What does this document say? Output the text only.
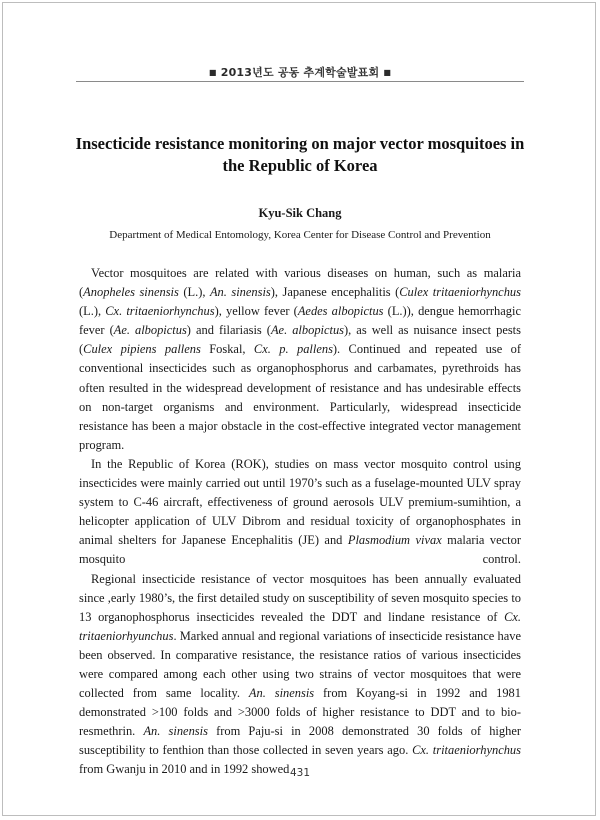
■ 2013년도 공동 추계학술발표회 ■
Insecticide resistance monitoring on major vector mosquitoes in
the Republic of Korea
Kyu-Sik Chang
Department of Medical Entomology, Korea Center for Disease Control and Prevention

Vector mosquitoes are related with various diseases on human, such as malaria (Anopheles sinensis (L.), An. sinensis), Japanese encephalitis (Culex tritaeniorhynchus (L.), Cx. tritaeniorhynchus), yellow fever (Aedes albopictus (L.)), dengue hemorrhagic fever (Ae. albopictus) and filariasis (Ae. albopictus), as well as nuisance insect pests (Culex pipiens pallens Foskal, Cx. p. pallens). Continued and repeated use of conventional insecticides such as organophosphorus and carbamates, pyrethroids has often resulted in the widespread development of resistance and has undesirable effects on non-target organisms and environment. Particularly, widespread insecticide resistance has been a major obstacle in the cost-effective integrated vector management program.

In the Republic of Korea (ROK), studies on mass vector mosquito control using insecticides were mainly carried out until 1970’s such as a fuselage-mounted ULV spray system to C-46 aircraft, effectiveness of ground aerosols ULV premium-sumihtion, a helicopter application of ULV Dibrom and residual toxicity of organophosphates in animal shelters for Japanese Encephalitis (JE) and Plasmodium vivax malaria vector mosquito control.

Regional insecticide resistance of vector mosquitoes has been annually evaluated since ,early 1980’s, the first detailed study on susceptibility of seven mosquito species to 13 organophosphorus insecticides revealed the DDT and lindane resistance of Cx. tritaeniorhyunchus. Marked annual and regional variations of insecticide resistance have been observed. In comparative resistance, the resistance ratios of various insecticides were compared among each other using two strains of vector mosquitoes that were collected from same locality. An. sinensis from Koyang-si in 1992 and 1981 demonstrated >100 folds and >3000 folds of higher resistance to DDT and to bio-resmethrin. An. sinensis from Paju-si in 2008 demonstrated 30 folds of higher susceptibility to fenthion than those collected in seven years ago. Cx. tritaeniorhynchus from Gwanju in 2010 and in 1992 showed 431
